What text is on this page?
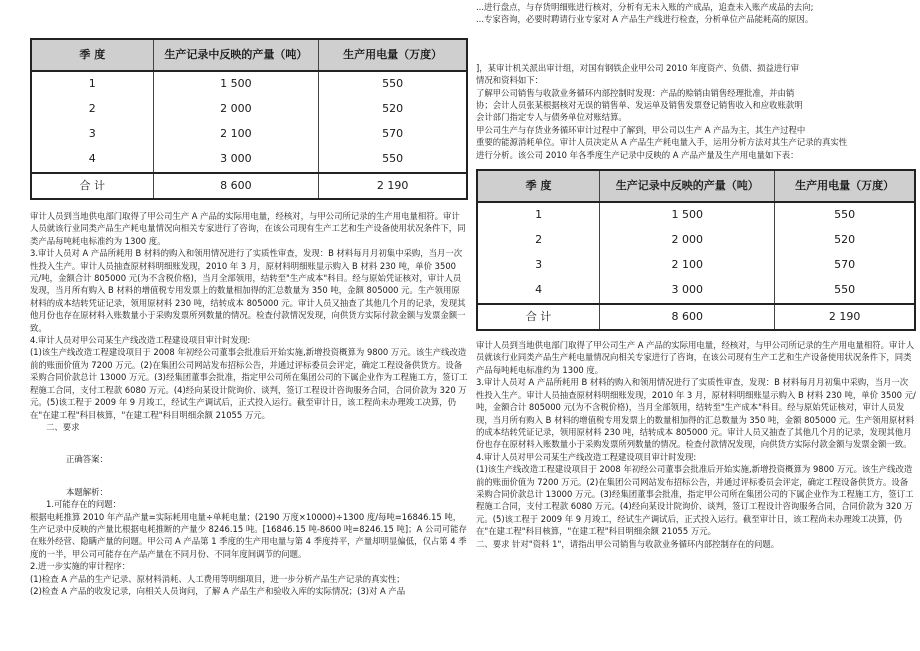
季 度	生产记录中反映的产量（吨）	生产用电量（万度）
1	1 500	550
2	2 000	520
3	2 100	570
4	3 000	550
合 计	8 600	2 190

审计人员到当地供电部门取得了甲公司生产 A 产品的实际用电量，经核对，与甲公司所记录的生产用电量相符。审计人员就该行业同类产品生产耗电量情况向相关专家进行了咨询，在该公司现有生产工艺和生产设备使用状况条件下，同类产品每吨耗电标准约为 1300 度。

3.审计人员对 A 产品所耗用 B 材料的购入和领用情况进行了实质性审查，发现：B 材料每月月初集中采购，当月一次性投入生产。审计人员抽查原材料明细账发现，2010 年 3 月，原材料明细账显示购入 B 材料 230 吨，单价 3500 元/吨，金额合计 805000 元(为不含税价格)，当月全部领用，结转至"生产成本"科目。经与原始凭证核对，审计人员发现，当月所有购入 B 材料的增值税专用发票上的数量相加得的汇总数量为 350 吨，金额 805000 元。生产领用原材料的成本结转凭证记录，领用原材料 230 吨，结转成本 805000 元。审计人员又抽查了其他几个月的记录，发现其他月份也存在原材料入账数量小于采购发票所列数量的情况。检查付款情况发现，向供货方实际付款金额与发票金额一致。

4.审计人员对甲公司某生产线改造工程建设项目审计时发现:

(1)该生产线改造工程建设项目于 2008 年初经公司董事会批准后开始实施,新增投资概算为 9800 万元。该生产线改造前的账面价值为 7200 万元。(2)在集团公司网站发布招标公告，并通过评标委员会评定，确定工程设备供货方。设备采购合同价款总计 13000 万元。(3)经集团董事会批准，指定甲公司所在集团公司的下属企业作为工程施工方，签订工程施工合同，支付工程款 6080 万元。(4)经向某设计院询价、谈判，签订工程设计咨询服务合同，合同价款为 320 万元。(5)该工程于 2009 年 9 月竣工，经试生产调试后，正式投入运行。截至审计日，该工程尚未办理竣工决算，仍在"在建工程"科目核算，"在建工程"科目明细余额 21055 万元。

二、要求

正确答案：

本题解析：

1.可能存在的问题：

根据电耗推算 2010 年产品产量=实际耗用电量÷单耗电量；(2190 万度×10000)÷1300 度/每吨=16846.15 吨，生产记录中反映的产量比根据电耗推断的产量少 8246.15 吨。[16846.15 吨-8600 吨=8246.15 吨]；A 公司可能存在账外经营、隐瞒产量的问题。甲公司 A 产品第 1 季度的生产用电量与第 4 季度持平，产量却明显偏低，仅占第 4 季度的一半，甲公司可能存在产品产量在不同月份、不同年度间调节的问题。

2.进一步实施的审计程序：

(1)检查 A 产品的生产记录、原材料消耗、人工费用等明细项目，进一步分析产品生产记录的真实性；

(2)检查 A 产品的收发记录，向相关人员询问，了解 A 产品生产和验收入库的实际情况；(3)对 A 产品

...进行盘点，与存货明细账进行核对，分析有无未入账的产成品，追查未入账产成品的去向;

...专家咨询，必要时聘请行业专家对 A 产品生产线进行检查，分析单位产品能耗高的原因。

]，某审计机关派出审计组，对国有钢铁企业甲公司 2010 年度资产、负债、损益进行审

情况和资料如下：

了解甲公司销售与收款业务循环内部控制时发现：产品的赊销由销售经理批准，并由销

协；会计人员张某根据核对无误的销售单、发运单及销售发票登记销售收入和应收账款明

会计部门指定专人与债务单位对账结算。

甲公司生产与存货业务循环审计过程中了解到，甲公司以生产 A 产品为主，其生产过程中

重要的能源消耗单位。审计人员决定从 A 产品生产耗电量入手，运用分析方法对其生产记录的真实性

进行分析。该公司 2010 年各季度生产记录中反映的 A 产品产量及生产用电量如下表：

季 度	生产记录中反映的产量（吨）	生产用电量（万度）
1	1 500	550
2	2 000	520
3	2 100	570
4	3 000	550
合 计	8 600	2 190

审计人员到当地供电部门取得了甲公司生产 A 产品的实际用电量，经核对，与甲公司所记录的生产用电量相符。审计人员就该行业同类产品生产耗电量情况向相关专家进行了咨询，在该公司现有生产工艺和生产设备使用状况条件下，同类产品每吨耗电标准约为 1300 度。

3.审计人员对 A 产品所耗用 B 材料的购入和领用情况进行了实质性审查，发现：B 材料每月月初集中采购，当月一次性投入生产。审计人员抽查原材料明细账发现，2010 年 3 月，原材料明细账显示购入 B 材料 230 吨，单价 3500 元/吨，金额合计 805000 元(为不含税价格)，当月全部领用，结转至"生产成本"科目。经与原始凭证核对，审计人员发现，当月所有购入 B 材料的增值税专用发票上的数量相加得的汇总数量为 350 吨，金额 805000 元。生产领用原材料的成本结转凭证记录，领用原材料 230 吨，结转成本 805000 元。审计人员又抽查了其他几个月的记录，发现其他月份也存在原材料入账数量小于采购发票所列数量的情况。检查付款情况发现，向供货方实际付款金额与发票金额一致。

4.审计人员对甲公司某生产线改造工程建设项目审计时发现:

(1)该生产线改造工程建设项目于 2008 年初经公司董事会批准后开始实施,新增投资概算为 9800 万元。该生产线改造前的账面价值为 7200 万元。(2)在集团公司网站发布招标公告，并通过评标委员会评定，确定工程设备供货方。设备采购合同价款总计 13000 万元。(3)经集团董事会批准，指定甲公司所在集团公司的下属企业作为工程施工方，签订工程施工合同，支付工程款 6080 万元。(4)经向某设计院询价、谈判，签订工程设计咨询服务合同，合同价款为 320 万元。(5)该工程于 2009 年 9 月竣工，经试生产调试后，正式投入运行。截至审计日，该工程尚未办理竣工决算，仍在"在建工程"科目核算，"在建工程"科目明细余额 21055 万元。

二、要求 针对"资料 1"，请指出甲公司销售与收款业务循环内部控制存在的问题。
